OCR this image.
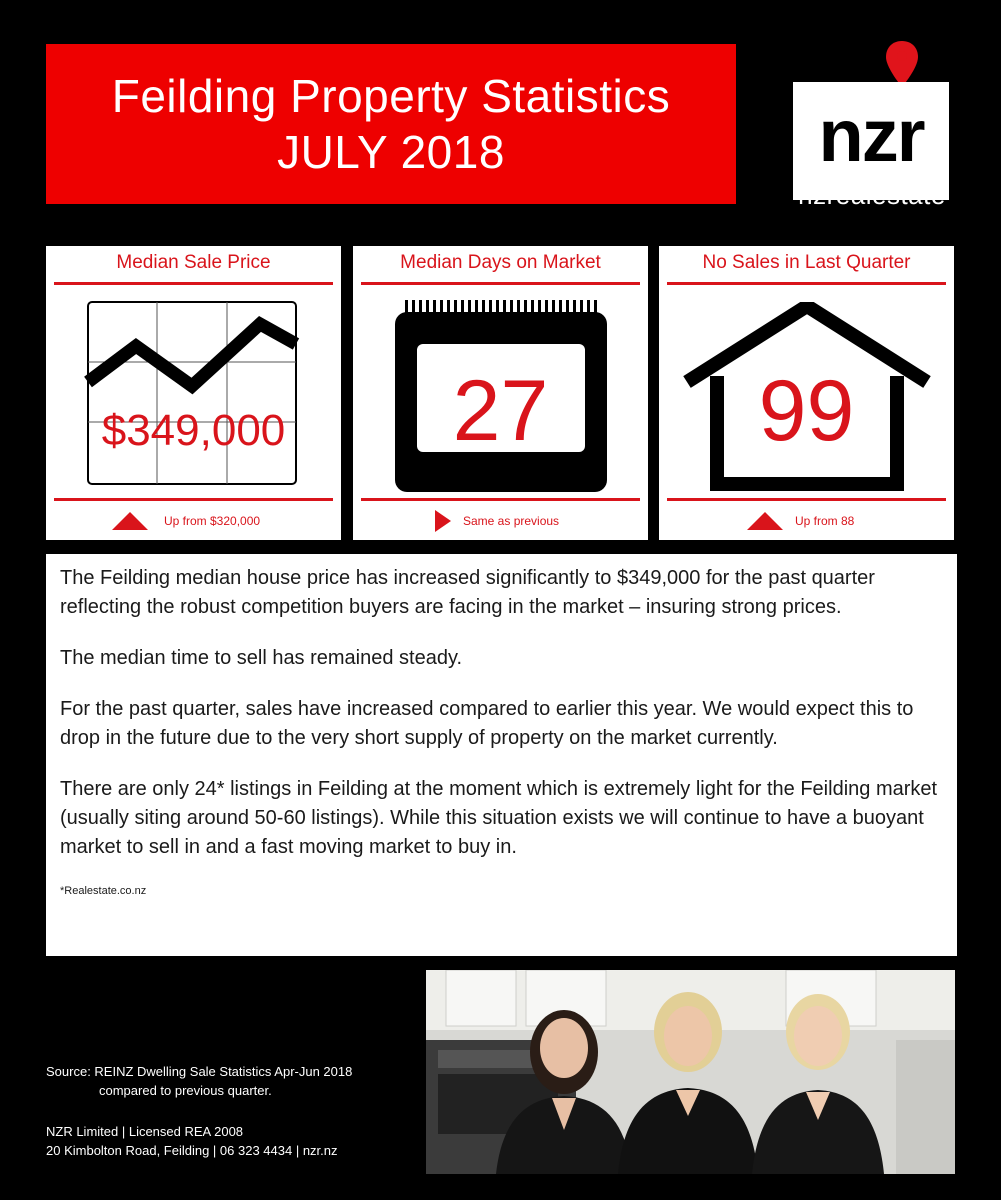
Feilding Property Statistics
JULY 2018	nzr
nzrealestate
Median Sale Price
$349,000
Up from $320,000
Median Days on Market
27
Same as previous
No Sales in Last Quarter
99
Up from 88

The Feilding median house price has increased significantly to $349,000 for the past quarter reflecting the robust competition buyers are facing in the market – insuring strong prices.

The median time to sell has remained steady.

For the past quarter, sales have increased compared to earlier this year. We would expect this to drop in the future due to the very short supply of property on the market currently.

There are only 24* listings in Feilding at the moment which is extremely light for the Feilding market (usually siting around 50-60 listings). While this situation exists we will continue to have a buoyant market to sell in and a fast moving market to buy in.

*Realestate.co.nz
Source: REINZ Dwelling Sale Statistics Apr-Jun 2018
compared to previous quarter.
NZR Limited | Licensed REA 2008
20 Kimbolton Road, Feilding | 06 323 4434 | nzr.nz
